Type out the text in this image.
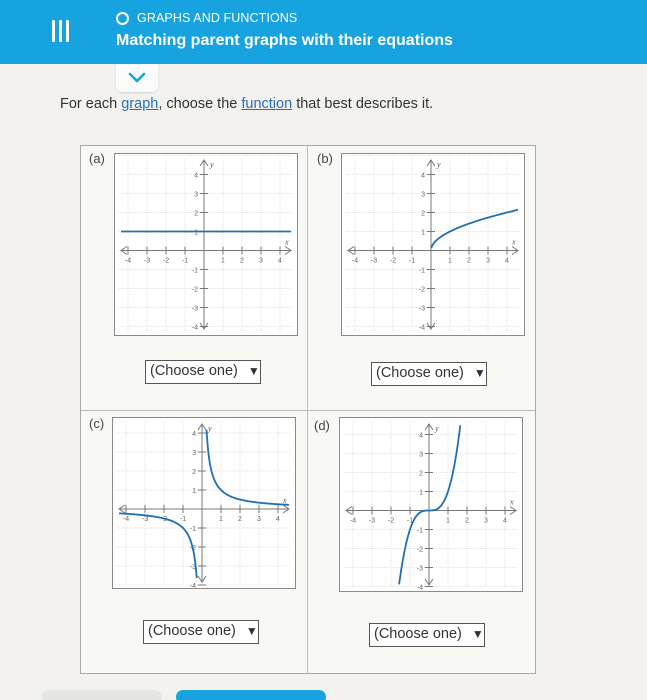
GRAPHS AND FUNCTIONS
Matching parent graphs with their equations
For each graph, choose the function that best describes it.
(a)
-4 -3 -2 -1	1 2 3 4
4
3
2
1
-1
-2
-3
-4
x
y
(Choose one) ▼
(b)
-4 -3 -2 -1	1 2 3 4
4
3
2
1
-1
-2
-3
-4
x
y
(Choose one) ▼
(c)
-4 -3 -2 -1	1 2 3 4
4
3
2
1
-1
-2
-3
-4
x
y
(Choose one) ▼
(d)
-4 -3 -2 -1	1 2 3 4
4
3
2
1
-1
-2
-3
-4
x
y
(Choose one) ▼
